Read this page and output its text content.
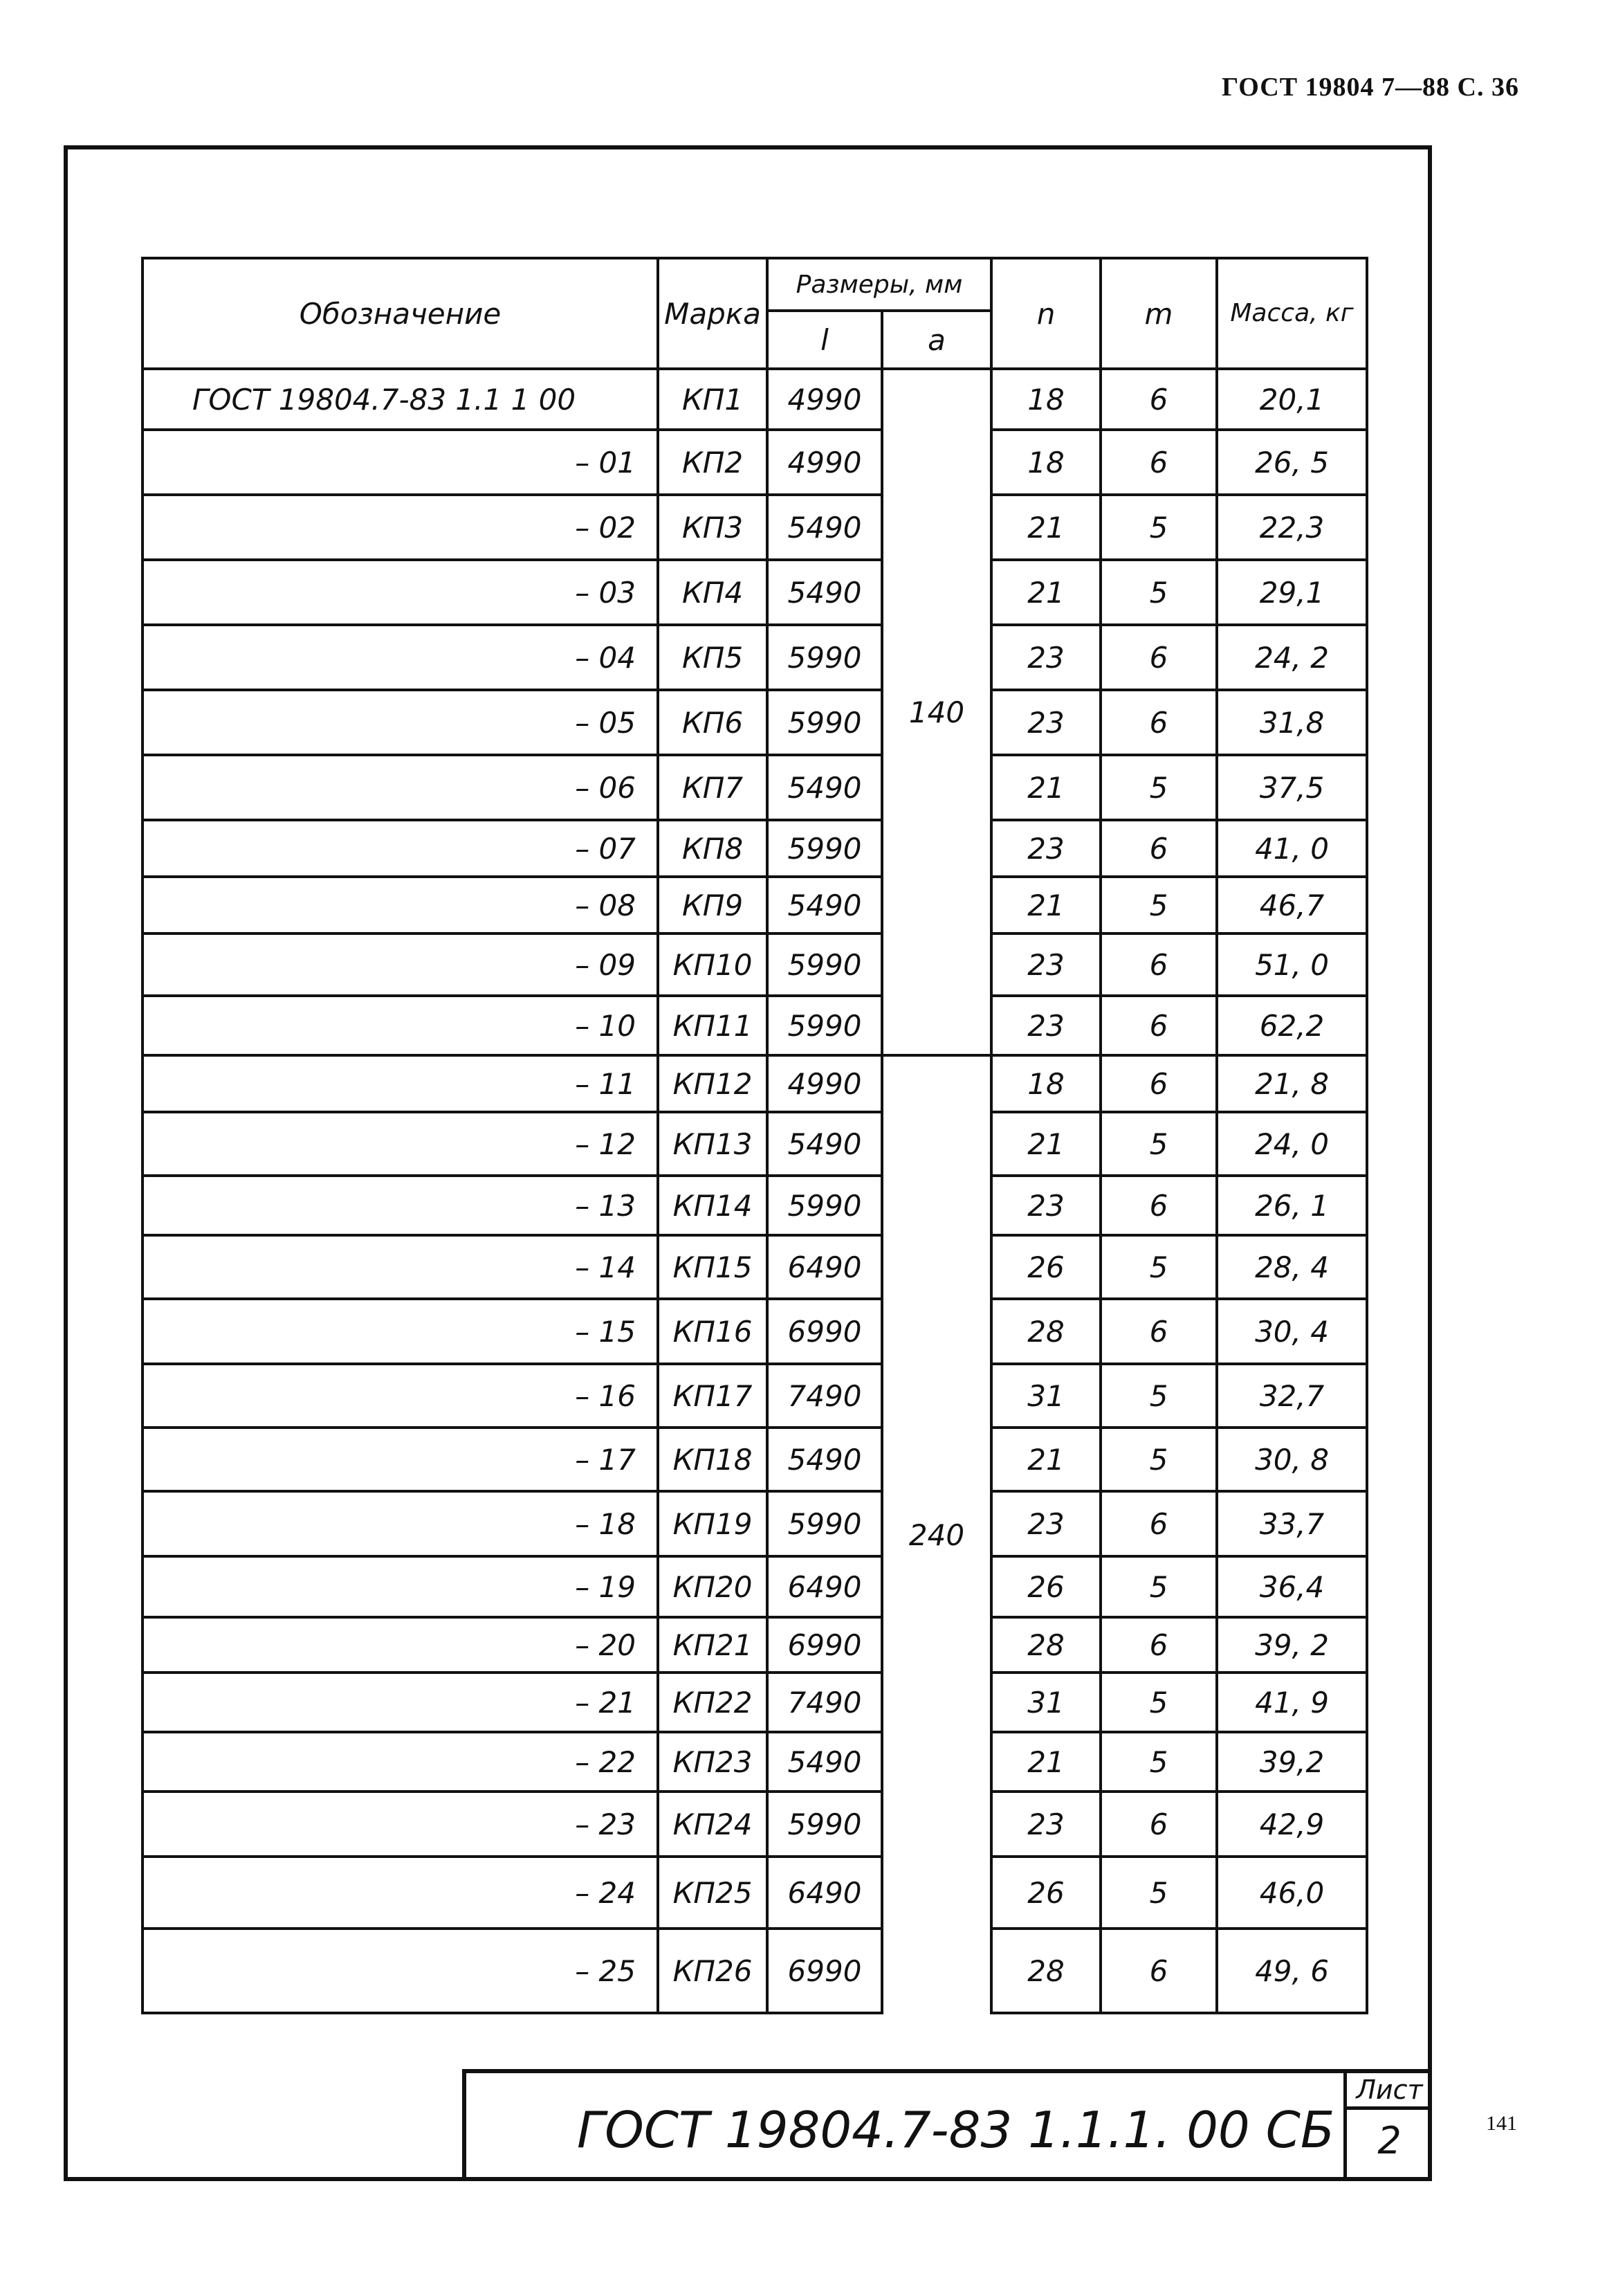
ГОСТ 19804 7—88 С. 36
Обозначение	Марка	Размеры, мм		n	m	Масса, кг
		l	a			
ГОСТ 19804.7-83 1.1 1 00	КП1	4990	140	18	6	20,1
– 01	КП2	4990		18	6	26, 5
– 02	КП3	5490		21	5	22,3
– 03	КП4	5490		21	5	29,1
– 04	КП5	5990		23	6	24, 2
– 05	КП6	5990		23	6	31,8
– 06	КП7	5490		21	5	37,5
– 07	КП8	5990		23	6	41, 0
– 08	КП9	5490		21	5	46,7
– 09	КП10	5990		23	6	51, 0
– 10	КП11	5990		23	6	62,2
– 11	КП12	4990	240	18	6	21, 8
– 12	КП13	5490		21	5	24, 0
– 13	КП14	5990		23	6	26, 1
– 14	КП15	6490		26	5	28, 4
– 15	КП16	6990		28	6	30, 4
– 16	КП17	7490		31	5	32,7
– 17	КП18	5490		21	5	30, 8
– 18	КП19	5990		23	6	33,7
– 19	КП20	6490		26	5	36,4
– 20	КП21	6990		28	6	39, 2
– 21	КП22	7490		31	5	41, 9
– 22	КП23	5490		21	5	39,2
– 23	КП24	5990		23	6	42,9
– 24	КП25	6490		26	5	46,0
– 25	КП26	6990		28	6	49, 6
ГОСТ 19804.7-83 1.1.1. 00 СБ
Лист
2	141
